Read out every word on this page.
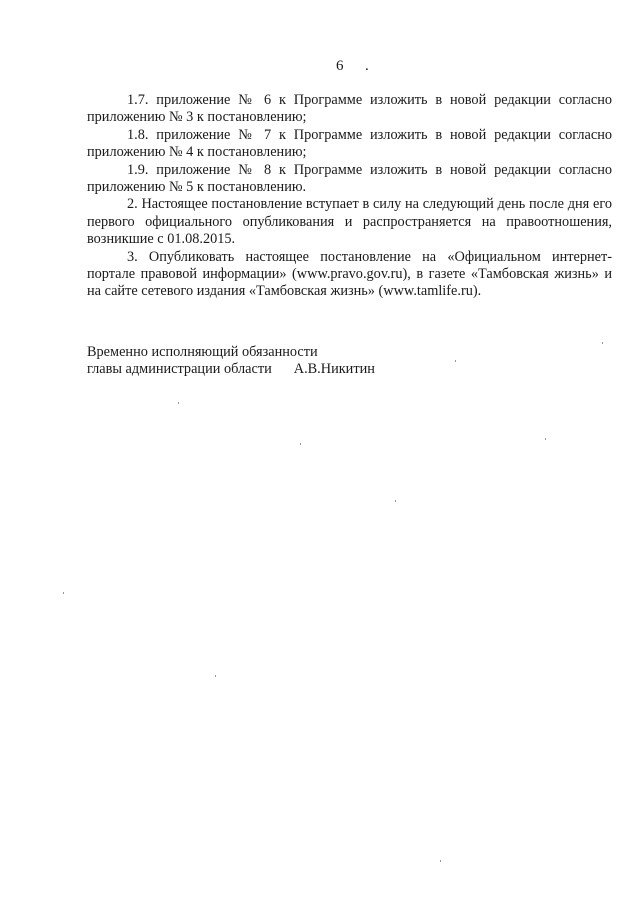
6 .

1.7. приложение № 6 к Программе изложить в новой редакции согласно приложению № 3 к постановлению;

1.8. приложение № 7 к Программе изложить в новой редакции согласно приложению № 4 к постановлению;

1.9. приложение № 8 к Программе изложить в новой редакции согласно приложению № 5 к постановлению.

2. Настоящее постановление вступает в силу на следующий день после дня его первого официального опубликования и распространяется на правоотношения, возникшие с 01.08.2015.

3. Опубликовать настоящее постановление на «Официальном интернет-портале правовой информации» (www.pravo.gov.ru), в газете «Тамбовская жизнь» и на сайте сетевого издания «Тамбовская жизнь» (www.tamlife.ru).

Временно исполняющий обязанности
главы администрации области А.В.Никитин
